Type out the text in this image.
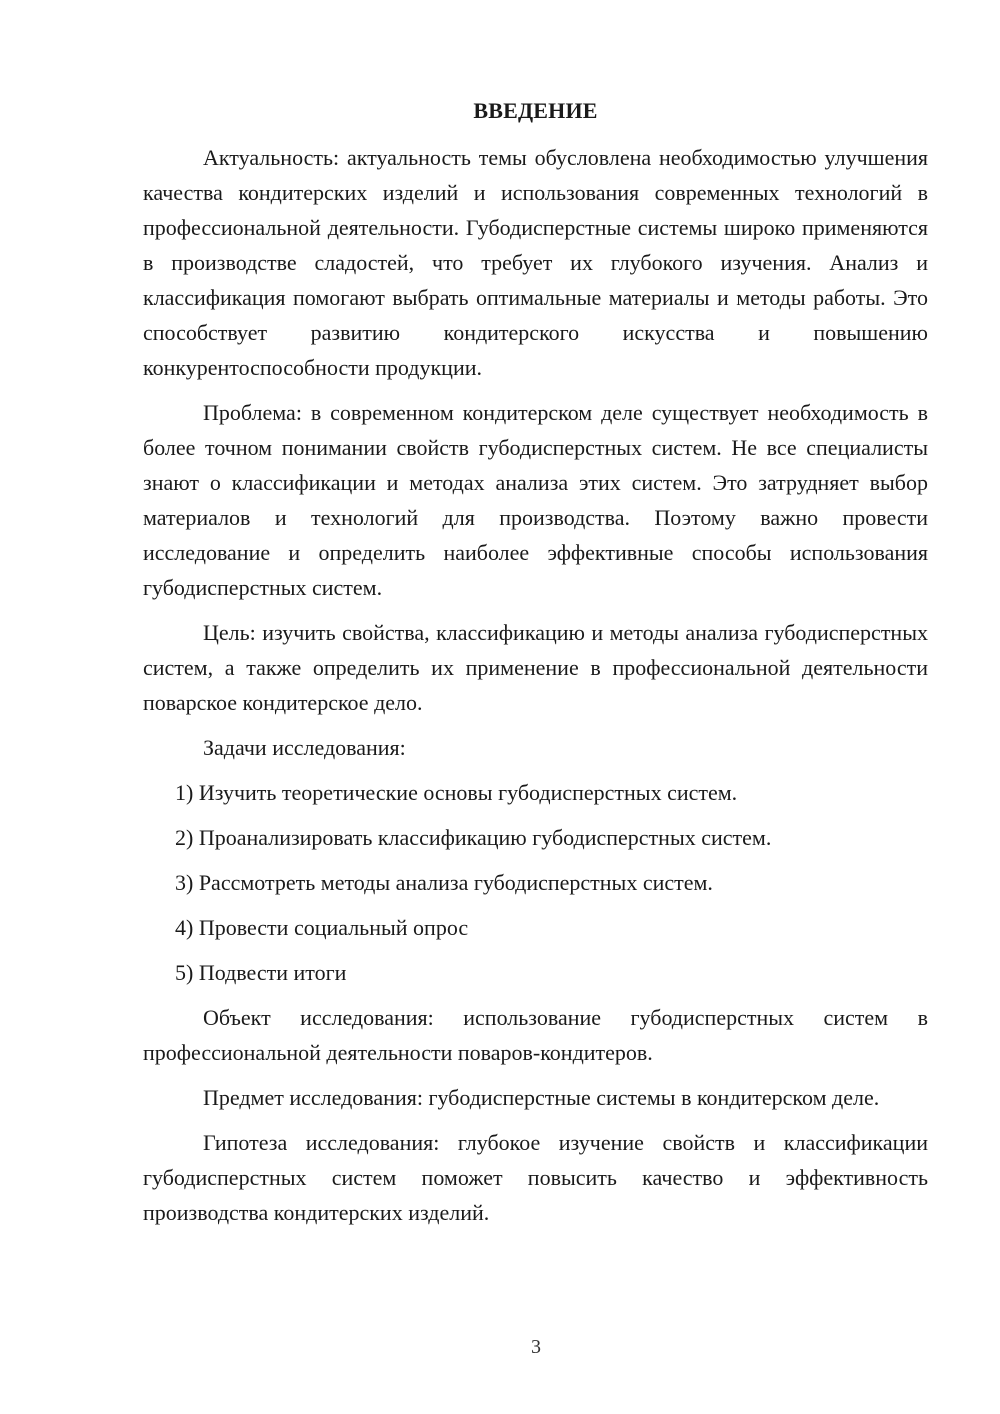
ВВЕДЕНИЕ

Актуальность: актуальность темы обусловлена необходимостью улучшения качества кондитерских изделий и использования современных технологий в профессиональной деятельности. Губодисперстные системы широко применяются в производстве сладостей, что требует их глубокого изучения. Анализ и классификация помогают выбрать оптимальные материалы и методы работы. Это способствует развитию кондитерского искусства и повышению конкурентоспособности продукции.

Проблема: в современном кондитерском деле существует необходимость в более точном понимании свойств губодисперстных систем. Не все специалисты знают о классификации и методах анализа этих систем. Это затрудняет выбор материалов и технологий для производства. Поэтому важно провести исследование и определить наиболее эффективные способы использования губодисперстных систем.

Цель: изучить свойства, классификацию и методы анализа губодисперстных систем, а также определить их применение в профессиональной деятельности поварское кондитерское дело.

Задачи исследования:

1) Изучить теоретические основы губодисперстных систем.
2) Проанализировать классификацию губодисперстных систем.
3) Рассмотреть методы анализа губодисперстных систем.
4) Провести социальный опрос
5) Подвести итоги

Объект исследования: использование губодисперстных систем в профессиональной деятельности поваров-кондитеров.

Предмет исследования: губодисперстные системы в кондитерском деле.

Гипотеза исследования: глубокое изучение свойств и классификации губодисперстных систем поможет повысить качество и эффективность производства кондитерских изделий.

3
